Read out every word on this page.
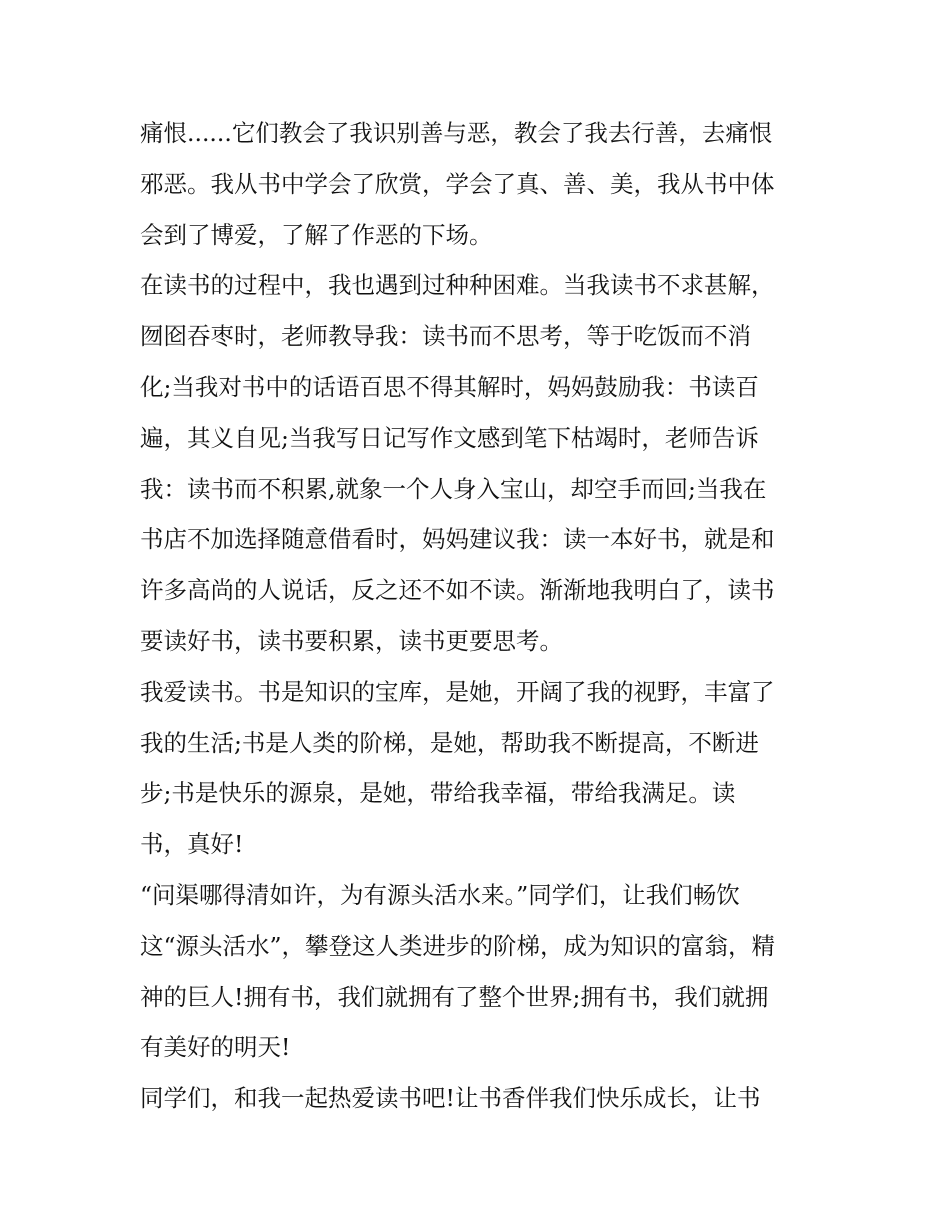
痛恨......它们教会了我识别善与恶，教会了我去行善，去痛恨
邪恶。我从书中学会了欣赏，学会了真、善、美，我从书中体
会到了博爱，了解了作恶的下场。
在读书的过程中，我也遇到过种种困难。当我读书不求甚解，
囫囵吞枣时，老师教导我：读书而不思考，等于吃饭而不消
化;当我对书中的话语百思不得其解时，妈妈鼓励我：书读百
遍，其义自见;当我写日记写作文感到笔下枯竭时，老师告诉
我：读书而不积累,就象一个人身入宝山，却空手而回;当我在
书店不加选择随意借看时，妈妈建议我：读一本好书，就是和
许多高尚的人说话，反之还不如不读。渐渐地我明白了，读书
要读好书，读书要积累，读书更要思考。
我爱读书。书是知识的宝库，是她，开阔了我的视野，丰富了
我的生活;书是人类的阶梯，是她，帮助我不断提高，不断进
步;书是快乐的源泉，是她，带给我幸福，带给我满足。读
书，真好!
“问渠哪得清如许，为有源头活水来。”同学们，让我们畅饮
这“源头活水”，攀登这人类进步的阶梯，成为知识的富翁，精
神的巨人!拥有书，我们就拥有了整个世界;拥有书，我们就拥
有美好的明天!
同学们，和我一起热爱读书吧!让书香伴我们快乐成长，让书
